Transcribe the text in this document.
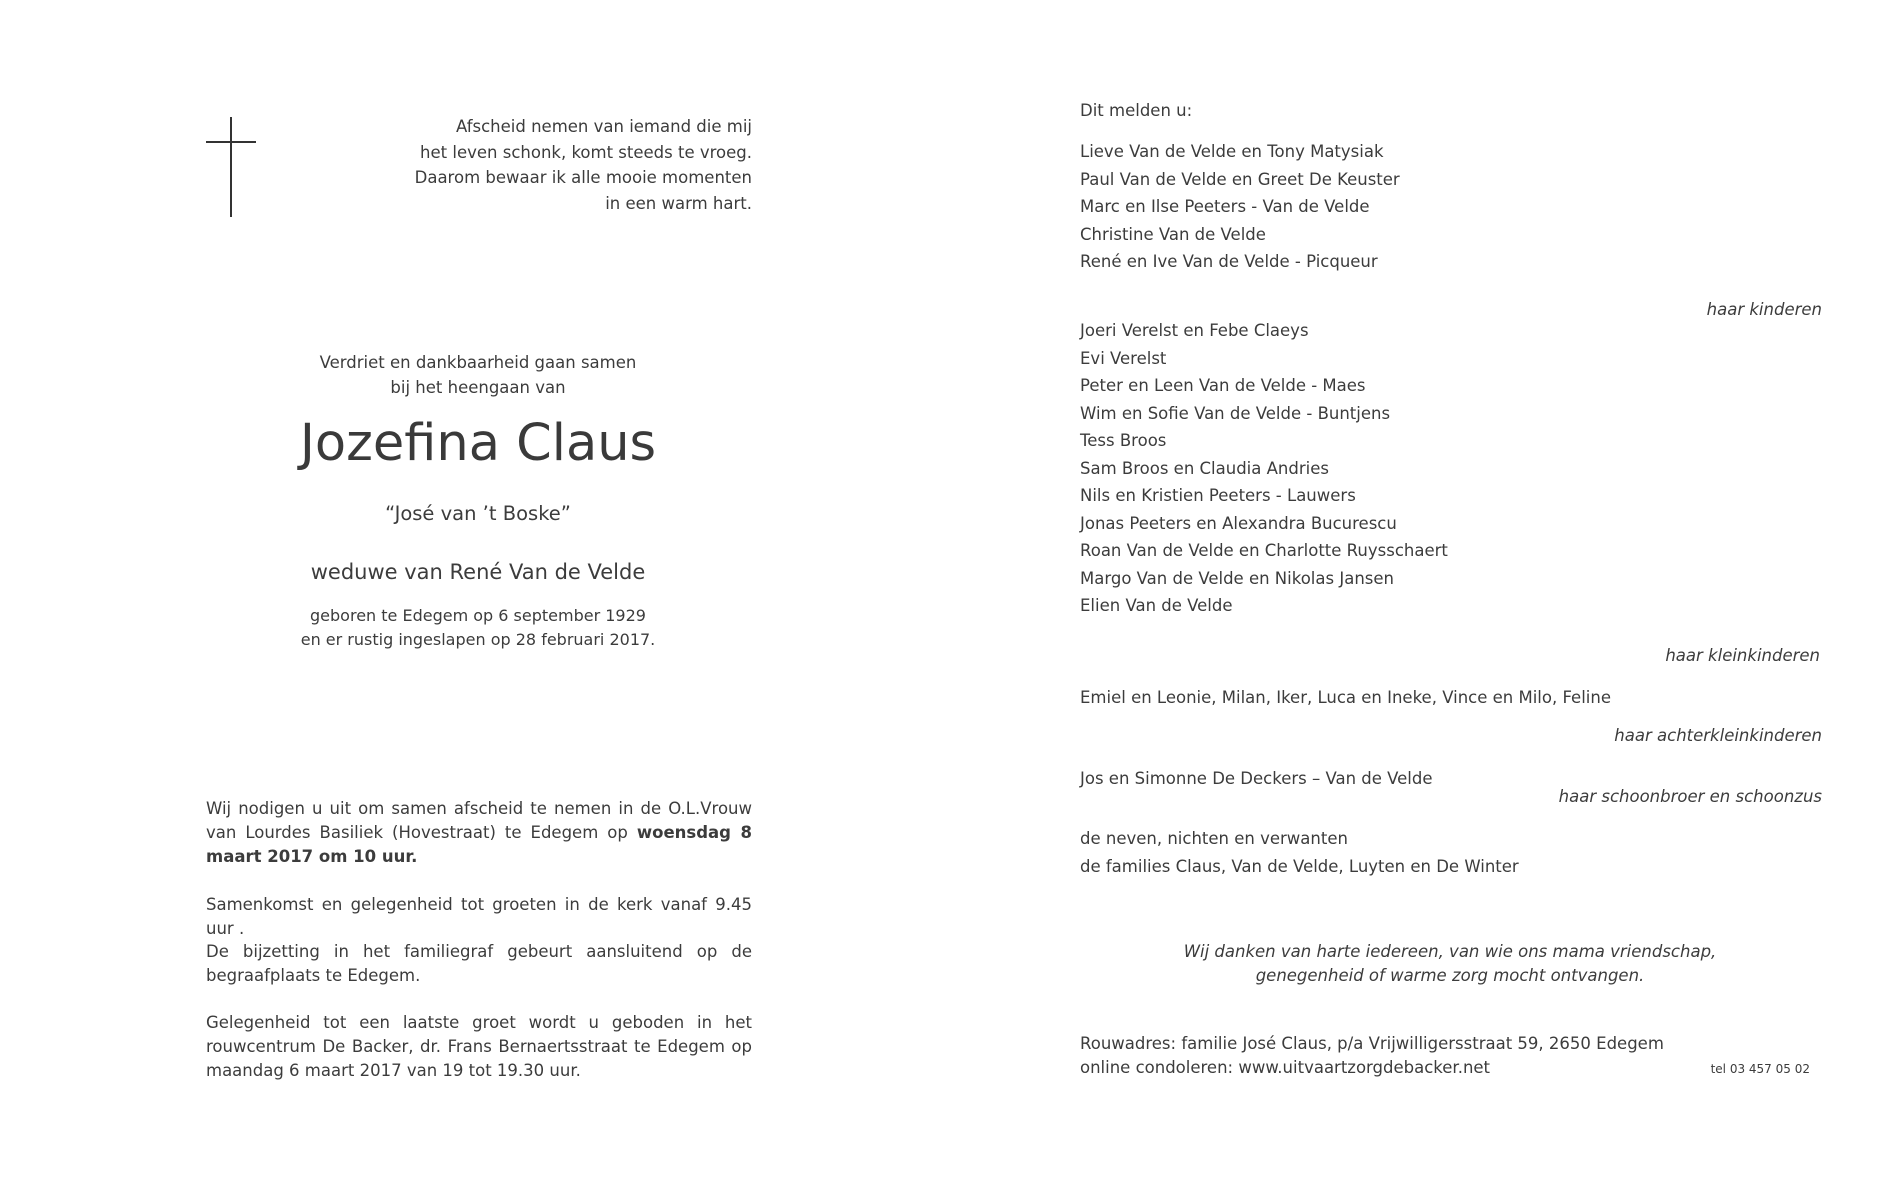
Afscheid nemen van iemand die mij
het leven schonk, komt steeds te vroeg.
Daarom bewaar ik alle mooie momenten
in een warm hart.
Verdriet en dankbaarheid gaan samen
bij het heengaan van
Jozefina Claus
“José van ’t Boske”
weduwe van René Van de Velde
geboren te Edegem op 6 september 1929
en er rustig ingeslapen op 28 februari 2017.
Wij nodigen u uit om samen afscheid te nemen in de O.L.Vrouw van Lourdes Basiliek (Hovestraat) te Edegem op woensdag 8 maart 2017 om 10 uur.
Samenkomst en gelegenheid tot groeten in de kerk vanaf 9.45 uur .
De bijzetting in het familiegraf gebeurt aansluitend op de begraafplaats te Edegem.
Gelegenheid tot een laatste groet wordt u geboden in het rouwcentrum De Backer, dr. Frans Bernaertsstraat te Edegem op maandag 6 maart 2017 van 19 tot 19.30 uur.
Dit melden u:
Lieve Van de Velde en Tony Matysiak
Paul Van de Velde en Greet De Keuster
Marc en Ilse Peeters - Van de Velde
Christine Van de Velde
René en Ive Van de Velde - Picqueur
haar kinderen
Joeri Verelst en Febe Claeys
Evi Verelst
Peter en Leen Van de Velde - Maes
Wim en Sofie Van de Velde - Buntjens
Tess Broos
Sam Broos en Claudia Andries
Nils en Kristien Peeters - Lauwers
Jonas Peeters en Alexandra Bucurescu
Roan Van de Velde en Charlotte Ruysschaert
Margo Van de Velde en Nikolas Jansen
Elien Van de Velde
haar kleinkinderen
Emiel en Leonie, Milan, Iker, Luca en Ineke, Vince en Milo, Feline
haar achterkleinkinderen
Jos en Simonne De Deckers – Van de Velde
haar schoonbroer en schoonzus
de neven, nichten en verwanten
de families Claus, Van de Velde, Luyten en De Winter
Wij danken van harte iedereen, van wie ons mama vriendschap,
genegenheid of warme zorg mocht ontvangen.
Rouwadres: familie José Claus, p/a Vrijwilligersstraat 59, 2650 Edegem
online condoleren: www.uitvaartzorgdebacker.net	tel 03 457 05 02
